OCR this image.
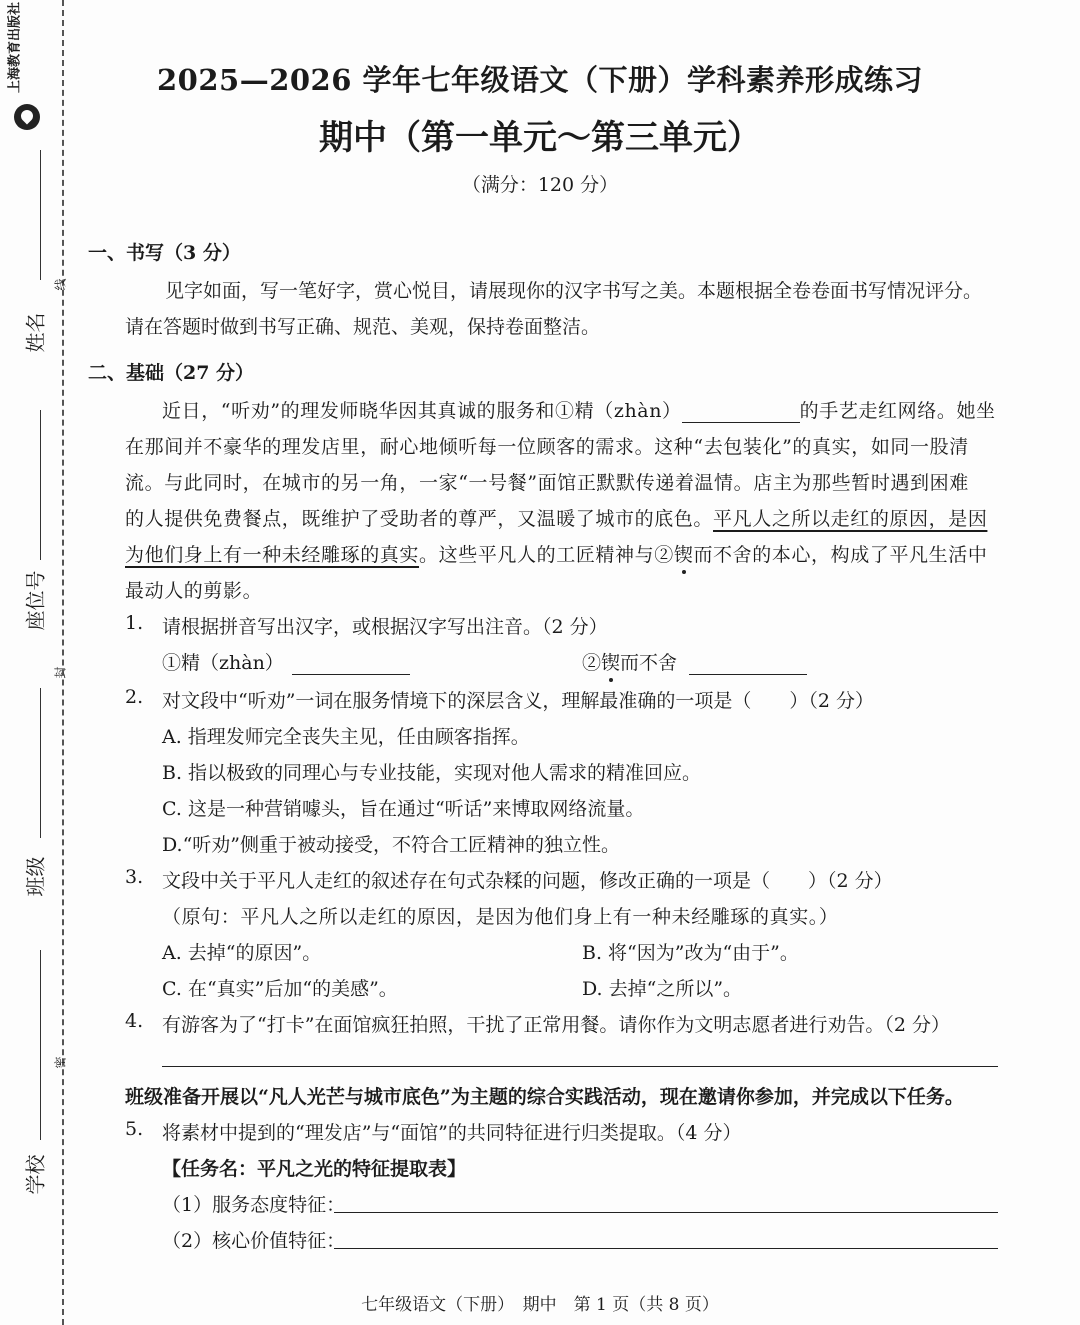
上海教育出版社
姓名
线
座位号
封
班级
密
学校
2025—2026 学年七年级语文（下册）学科素养形成练习
期中（第一单元～第三单元）
（满分：120 分）
一、书写（3 分）
见字如面，写一笔好字，赏心悦目，请展现你的汉字书写之美。本题根据全卷卷面书写情况评分。
请在答题时做到书写正确、规范、美观，保持卷面整洁。
二、基础（27 分）
近日，“听劝”的理发师晓华因其真诚的服务和①精（zhàn）	的手艺走红网络。她坐
在那间并不豪华的理发店里，耐心地倾听每一位顾客的需求。这种“去包装化”的真实，如同一股清
流。与此同时，在城市的另一角，一家“一号餐”面馆正默默传递着温情。店主为那些暂时遇到困难
的人提供免费餐点，既维护了受助者的尊严，又温暖了城市的底色。平凡人之所以走红的原因，是因
为他们身上有一种未经雕琢的真实。这些平凡人的工匠精神与②锲而不舍的本心，构成了平凡生活中
最动人的剪影。
1. 请根据拼音写出汉字，或根据汉字写出注音。（2 分）
①精（zhàn）	②锲而不舍
2. 对文段中“听劝”一词在服务情境下的深层含义，理解最准确的一项是（　　）（2 分）
A. 指理发师完全丧失主见，任由顾客指挥。
B. 指以极致的同理心与专业技能，实现对他人需求的精准回应。
C. 这是一种营销噱头，旨在通过“听话”来博取网络流量。
D.“听劝”侧重于被动接受，不符合工匠精神的独立性。
3. 文段中关于平凡人走红的叙述存在句式杂糅的问题，修改正确的一项是（　　）（2 分）
（原句：平凡人之所以走红的原因，是因为他们身上有一种未经雕琢的真实。）
A. 去掉“的原因”。	B. 将“因为”改为“由于”。
C. 在“真实”后加“的美感”。	D. 去掉“之所以”。
4. 有游客为了“打卡”在面馆疯狂拍照，干扰了正常用餐。请你作为文明志愿者进行劝告。（2 分）
班级准备开展以“凡人光芒与城市底色”为主题的综合实践活动，现在邀请你参加，并完成以下任务。
5. 将素材中提到的“理发店”与“面馆”的共同特征进行归类提取。（4 分）
【任务名：平凡之光的特征提取表】
（1）服务态度特征：
（2）核心价值特征：
七年级语文（下册）　期中　第 1 页（共 8 页）
